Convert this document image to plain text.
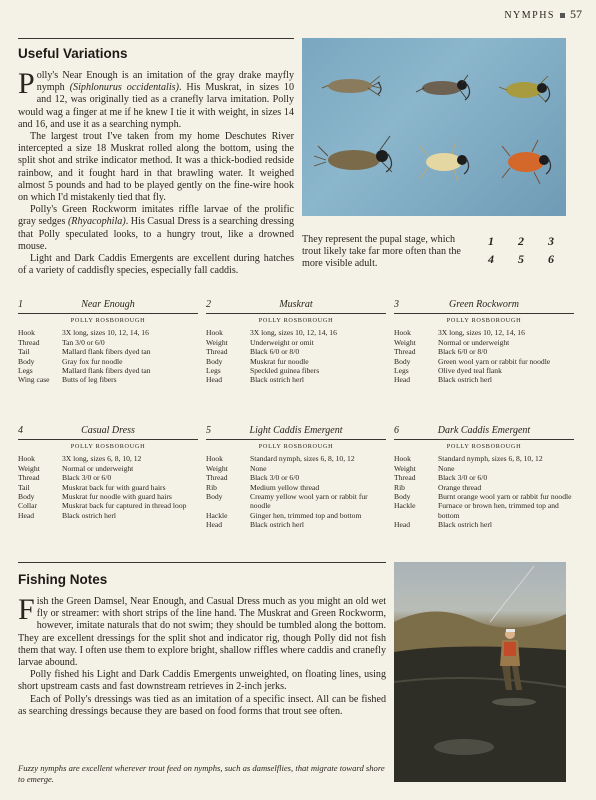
NYMPHS 57
Useful Variations

Polly's Near Enough is an imitation of the gray drake mayfly nymph (Siphlonurus occidentalis). His Muskrat, in sizes 10 and 12, was originally tied as a cranefly larva imitation. Polly would wag a finger at me if he knew I tie it with weight, in sizes 14 and 16, and use it as a searching nymph.

The largest trout I've taken from my home Deschutes River intercepted a size 18 Muskrat rolled along the bottom, using the split shot and strike indicator method. It was a thick-bodied redside rainbow, and it fought hard in that brawling water. It weighed almost 5 pounds and had to be played gently on the fine-wire hook on which I'd mistakenly tied that fly.

Polly's Green Rockworm imitates riffle larvae of the prolific gray sedges (Rhyacophila). His Casual Dress is a searching dressing that Polly speculated looks, to a hungry trout, like a drowned mouse.

Light and Dark Caddis Emergents are excellent during hatches of a variety of caddisfly species, especially fall caddis.

They represent the pupal stage, which trout likely take far more often than the more visible adult.
1 2 3
4 5 6
1	Near Enough
POLLY ROSBOROUGH
Hook	3X long, sizes 10, 12, 14, 16
Thread	Tan 3/0 or 6/0
Tail	Mallard flank fibers dyed tan
Body	Gray fox fur noodle
Legs	Mallard flank fibers dyed tan
Wing case	Butts of leg fibers
2	Muskrat
POLLY ROSBOROUGH
Hook	3X long, sizes 10, 12, 14, 16
Weight	Underweight or omit
Thread	Black 6/0 or 8/0
Body	Muskrat fur noodle
Legs	Speckled guinea fibers
Head	Black ostrich herl
3	Green Rockworm
POLLY ROSBOROUGH
Hook	3X long, sizes 10, 12, 14, 16
Weight	Normal or underweight
Thread	Black 6/0 or 8/0
Body	Green wool yarn or rabbit fur noodle
Legs	Olive dyed teal flank
Head	Black ostrich herl
4	Casual Dress
POLLY ROSBOROUGH
Hook	3X long, sizes 6, 8, 10, 12
Weight	Normal or underweight
Thread	Black 3/0 or 6/0
Tail	Muskrat back fur with guard hairs
Body	Muskrat fur noodle with guard hairs
Collar	Muskrat back fur captured in thread loop
Head	Black ostrich herl
5	Light Caddis Emergent
POLLY ROSBOROUGH
Hook	Standard nymph, sizes 6, 8, 10, 12
Weight	None
Thread	Black 3/0 or 6/0
Rib	Medium yellow thread
Body	Creamy yellow wool yarn or rabbit fur noodle
Hackle	Ginger hen, trimmed top and bottom
Head	Black ostrich herl
6	Dark Caddis Emergent
POLLY ROSBOROUGH
Hook	Standard nymph, sizes 6, 8, 10, 12
Weight	None
Thread	Black 3/0 or 6/0
Rib	Orange thread
Body	Burnt orange wool yarn or rabbit fur noodle
Hackle	Furnace or brown hen, trimmed top and bottom
Head	Black ostrich herl
Fishing Notes

Fish the Green Damsel, Near Enough, and Casual Dress much as you might an old wet fly or streamer: with short strips of the line hand. The Muskrat and Green Rockworm, however, imitate naturals that do not swim; they should be tumbled along the bottom. They are excellent dressings for the split shot and indicator rig, though Polly did not fish them that way. I often use them to explore bright, shallow riffles where caddis and cranefly larvae abound.

Polly fished his Light and Dark Caddis Emergents unweighted, on floating lines, using short upstream casts and fast downstream retrieves in 2-inch jerks.

Each of Polly's dressings was tied as an imitation of a specific insect. All can be fished as searching dressings because they are based on food forms that trout see often.

Fuzzy nymphs are excellent wherever trout feed on nymphs, such as damselflies, that migrate toward shore to emerge.
